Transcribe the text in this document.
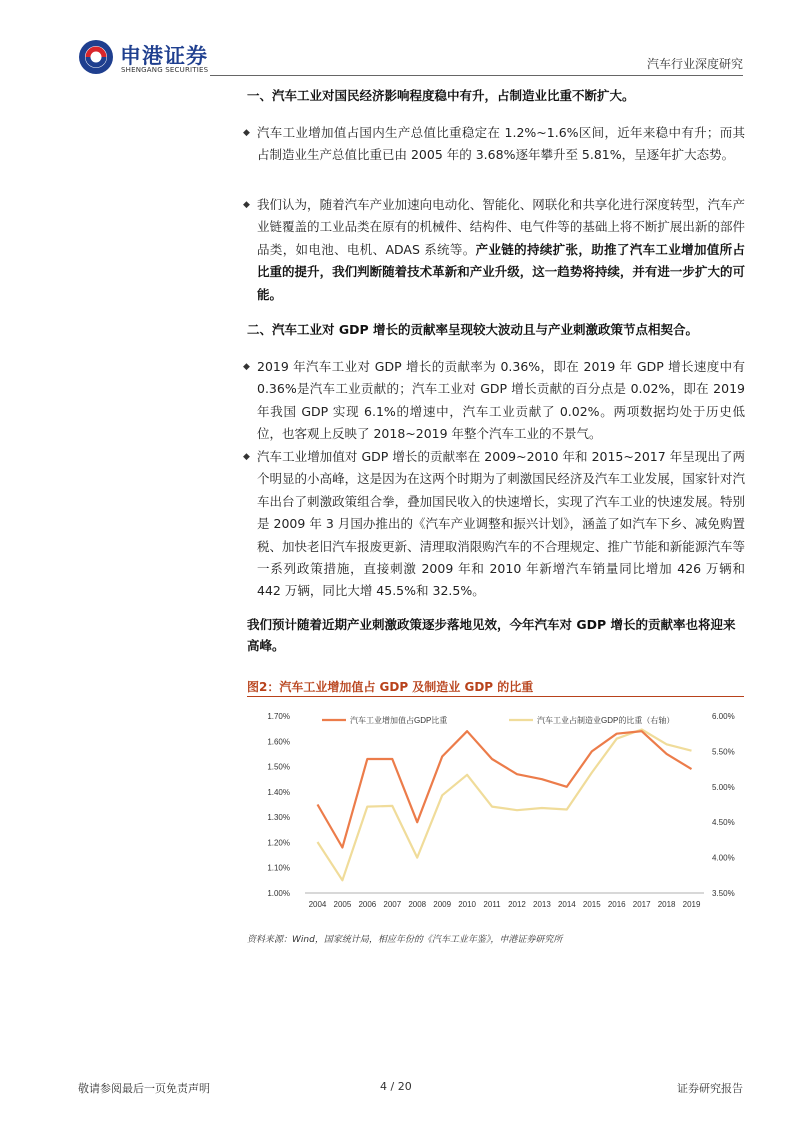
申港证券
SHENGANG SECURITIES	汽车行业深度研究
一、汽车工业对国民经济影响程度稳中有升，占制造业比重不断扩大。
◆ 汽车工业增加值占国内生产总值比重稳定在 1.2%~1.6%区间，近年来稳中有升；而其占制造业生产总值比重已由 2005 年的 3.68%逐年攀升至 5.81%，呈逐年扩大态势。
◆ 我们认为，随着汽车产业加速向电动化、智能化、网联化和共享化进行深度转型，汽车产业链覆盖的工业品类在原有的机械件、结构件、电气件等的基础上将不断扩展出新的部件品类，如电池、电机、ADAS 系统等。产业链的持续扩张，助推了汽车工业增加值所占比重的提升，我们判断随着技术革新和产业升级，这一趋势将持续，并有进一步扩大的可能。
二、汽车工业对 GDP 增长的贡献率呈现较大波动且与产业刺激政策节点相契合。
◆ 2019 年汽车工业对 GDP 增长的贡献率为 0.36%，即在 2019 年 GDP 增长速度中有 0.36%是汽车工业贡献的；汽车工业对 GDP 增长贡献的百分点是 0.02%，即在 2019 年我国 GDP 实现 6.1%的增速中，汽车工业贡献了 0.02%。两项数据均处于历史低位，也客观上反映了 2018~2019 年整个汽车工业的不景气。
◆ 汽车工业增加值对 GDP 增长的贡献率在 2009~2010 年和 2015~2017 年呈现出了两个明显的小高峰，这是因为在这两个时期为了刺激国民经济及汽车工业发展，国家针对汽车出台了刺激政策组合拳，叠加国民收入的快速增长，实现了汽车工业的快速发展。特别是 2009 年 3 月国办推出的《汽车产业调整和振兴计划》，涵盖了如汽车下乡、减免购置税、加快老旧汽车报废更新、清理取消限购汽车的不合理规定、推广节能和新能源汽车等一系列政策措施，直接刺激 2009 年和 2010 年新增汽车销量同比增加 426 万辆和 442 万辆，同比大增 45.5%和 32.5%。
我们预计随着近期产业刺激政策逐步落地见效，今年汽车对 GDP 增长的贡献率也将迎来高峰。
图2：汽车工业增加值占 GDP 及制造业 GDP 的比重
1.00%
1.10%
1.20%
1.30%
1.40%
1.50%
1.60%
1.70%
3.50%
4.00%
4.50%
5.00%
5.50%
6.00%
2004 2005 2006 2007 2008 2009 2010 2011 2012 2013 2014 2015 2016 2017 2018 2019
汽车工业增加值占GDP比重	汽车工业占制造业GDP的比重（右轴）
资料来源：Wind，国家统计局，相应年份的《汽车工业年鉴》，申港证券研究所
敬请参阅最后一页免责声明	4 / 20	证券研究报告
